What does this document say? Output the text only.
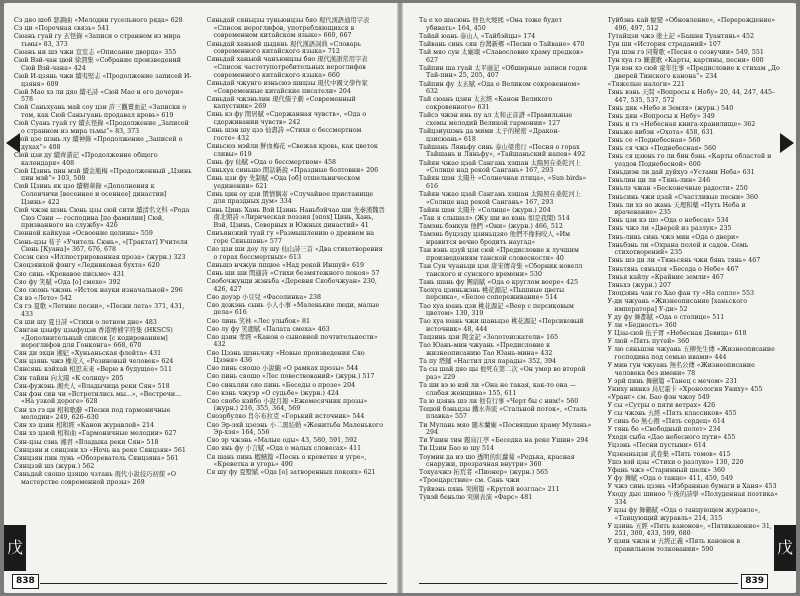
Сэ дяо шоб 瑟調曲 «Мелодии гусельного ряда» 628

Сэ ци «Порочная связь» 541

Сюань гуай гу 玄怪錄 «Записи о странном из мира тьмы» 83, 373

Сюань ни шэ чжи 宣室志 «Описание дворца» 355

Сюй Вэй-чан цюй 徐渭集 «Собрание произведений Сюй Вэй-чана» 424

Сюй И-цзянь чжи 續夷堅志 «Продолжение записей И-цзяня» 609

Сюй Мао хэ ли дяо 續毛詩 «Сюй Мао и его дочери» 578

Сюй Саньхуань май соу цзи 許三觀賣血記 «Записки о том, как Сюй Саньгуань продавал кровь» 619

Сюй Суань гуай гу 續玄怪錄 «Продолжение „Записей о странном из мира тьмы“» 83, 373

Сюй цзе шэнь лу 續神錄 «Продолжение „Записей о духах“» 408

Сюй цзи ду 續齊諧記 «Продолжение общего календаря» 408

Сюй Цзинь пин мэй 續金瓶梅 «Продолженный „Цзинь пин мэй“» 103, 508

Сюй Цзинь як цзо 續精華錄 «Дополнения к Соленчичи [весеннее и осеннее] династии] Цзинь» 422

Сюй чжэн шэнь Сюнь цзы сюй сити 續淸名文科 «Рода Сюэ Сэни — господина [по фамилии] Сюй, призванного на службу» 426

Сюнной кайкуан «Освоение целины» 559

Сюнь-цзы 荀子 «Учитель Сюнь», «[Трактат] Учителя Сюнь [Куана]» 367, 676, 678

Сосэн сюэ «Иллюстрированная проза» (журн.) 323

Сяоцзянхой фэнгу «Ледниковая бухта» 620

Сяо синь «Кровавое письмо» 431

Сяо фу 笑賦 «Ода [о] смехе» 392

Сяо сюэнь чжэнь «Исток науки изначальной» 296

Ся вэ «Лето» 542

Ся гэ 夏歌 «Летние песни», «Песни лета» 371, 431, 433

Ся ши шу 夏日詩 «Стихи о летнем дне» 483

Сянган цзыфу цзыфуцзи 香港增補字符集 (HKSCS) «Дополнительный список [с кодированием] иероглифов для Гонконга» 668, 670

Сян ди эхци 湘妃 «Хуньаньская флейта» 431

Сян цзянь чжэ 橡皮人 «Резиновый человек» 624

Сянсянь кэйхай 相思未來 «Верю в будущее» 511

Сян тайян 向太陽 «К солнцу» 205

Сян-фужэнь 湘夫人 «Владычица реки Сян» 518

Сян фэн син чи «Встретились мы...», «Вестречи... «На узкой дороге» 628

Сян хэ гэ ци 相和歌辭 «Песни под гармоничные мелодии» 249, 626–630

Сян хэ цзин 相和經 «Канон журавлей» 214

Сян хэ цзюй 相和曲 «Гармоничные мелодии» 627

Сян-цзы сэнь 湘君 «Владыка реки Сян» 518

Сянцзян и сянцзян хэ «Ночь на реке Сянцзян» 561

Сянцзян пин лунь «Обозреватель Сянцзяна» 561

Сянцзэй шэ (журн.) 562

Сяньдай сяошо цзяцю чзтань 現代小說技巧初探 «О мастерстве современной прозы» 269

Сяньдай сяньцзы туньюнцзы бяо 現代漢語通用字表 «Список иероглифов, употребляющихся в современном китайском языке» 660, 667

Сяньдай ханьюй цыдянь 現代漢語詞典 «Словарь современного китайского языка» 712

Сяньдай ханьюй чанъюнцзы бяо 現代漢語常用字表 «Список частотупотребительных иероглифов современного китайского языка» 660

Сяньдай чжунго вэньсюэ шицзы 現代中國文學作家 «Современные китайские писатели» 204

Сяньдай чжэньлин 現代儒子劇 «Современный капустник» 269

Сянь кэ фу 閑居賦 «Сдержанная чувств», «Ода о сдерживании чувств» 242

Сянь шэн шу цзэ 仙壽詩 «Стихи о бессмертном госте» 432

Сяньсюэ мэйли 鮮血梅花 «Свежая кровь, как цветок сливы» 619

Сянь фу 仙賦 «Ода о бессмертном» 458

Сяньхуа синьшо 閑話新說 «Праздные болтовни» 206

Сянь цзи фу 先制賦 «Ода [об] отшельническом уединении» 621

Сянь цин оу цзи 閑情偶寄 «Случайное пристанище для праздных дум» 334

Сянь Цинь Хань Вэй Цзинь Наньбэйчао ши 先秦漢魏晉南北朝詩 «Лирическая поэзия [эпох] Цинь, Хань, Вэй, Цзинь, Северных и Южных династий» 41

Сянъянский туай гу «Размышлению о древнем на горе Сяньшань» 577

Сяо цзи ши доу лу шу 仙山詩三首 «Два стихотворения о горах бессмертных» 613

Сяньшэ нчжун ппцюе «Над рекой Иншуй» 619

Сянь ши ши 閑適詩 «Стихи безмятежного покоя» 57

Сяобочжунди жэньба «Деревня Сяобочжуан» 230, 426, 427

Сяо доуэр 小豆兒 «Фасолинка» 238

Сяо дожэнь сынь 小人小事 «Маленькие люди, малые дела» 616

Сяо линь 笑林 «Лес улыбок» 81

Сяо лу фу 笑鹿賦 «Палата смеха» 463

Сяо цзин 孝經 «Канон о сыновней почтительности» 432

Сяо Цзэнь шэньчжу «Новые произведения Сяо Цзэня» 436

Сяо пинь сяошо 小說編 «О рамках прозы» 544

Сяо пинь сяошо «Лес повествований» (журн.) 517

Сяо синьлян сяо пинь «Беседы о прозе» 204

Сяо кэнь чжуэр «О судьбе» (журн.) 424

Сяо сяобо кэйбо 小說月報 «Ежемесячник прозы» (журн.) 216, 355, 364, 569

Сяоэрбуляо 肖尓布拉克 «Горький источник» 544

Сяо Эр-эхй цзеэнь 小二黑結婚 «Женитьба Маленького Эр-хэя» 164, 556

Сяо эр чжэнь «Малые оды» 43, 580, 591, 592

Сяо янь фу 小言賦 «Ода о малых словесах» 411

Ся шань пинь 蝦鱔篇 «Песнь о креветке и угре», «Креветка и угорь» 490

Ся шу фу 夏墅賦 «Ода [о] затворенных покоях» 621

838
戊

Та е хо шасюнь 他也火燒熊 «Она тоже будет убивать» 164, 450

Тайай юань 泰山人 «Тайбэйцы» 174

Тайвань синь сян 台灣新鄉 «Песни о Тайване» 470

Тай мяо сун 太廟頌 «Славословие храму предков» 627

Тайпин ша гуай 太平廣記 «Обширные записи годов Тай-пин» 25, 205, 407

Тайпин фу 太玄賦 «Ода о Великом сокровенном» 632

Тай сюань цзин 太玄經 «Канон Великого сокровенного» 631

Тайсэ чжэн инь пу ал 太和正音譜 «Правильные схемы мелодий Великой гармонии» 127

Тайцзиушэнь да мими 太子的秘密 «Дракон-цзисюань» 618

Тайшань Ляньфу синь 泰山梁甫行 «Песня о горах Тайшань и Ляньфу», «Тайшаньский напев» 492

Тайян чжао цзай Сангань хэшан 太陽照在桑乾河上 «Солнце над рекой Сангань» 167, 293

Тайян шэн 太陽升 «Солнечная птица», «Sun birds» 616

Тайян чжао цзай Сангань хэшан 太陽照在桑乾河上 «Солнце над рекой Сангань» 167, 293

Тайян шэн 太陽升 «Солнце» (журн.) 204

«Так я слышал» (Жу ши во вэнь 如是我聞) 514

Тамэнь бэнкун 他們 «Они» (журн.) 466, 512

Тамэнь буцзэду цзиньцзяо 他們不像狗咬人 «Им нравится вечно бродить наугад»

Тан вэнь цзуй цзи сюй «Предисловие к лучшим произведениям танской словесности» 40

Тан Сун чуаньци цзи 唐宋傳奇集 «Сборник новелл танского и сунского времени» 530

Тань шань фу 團扇賦 «Ода о круглом веере» 425

Таохуа цзиньжэнь 桃花源記 «Пышные цветы персика», «Белое сопереживание» 514

Тао хуа юань цзи 桃花源記 «Веер с персиковым цветом» 130, 319

Тао хуа юань чжи шаньцзе 桃花源記 «Персиковый источник» 48, 444

Тацзинь цзи 陶金記 «Золотоискатели» 165

Тао Юань-мин чжуань «Предисловие к жизнеописанию Тао Юань-мина» 432

Та пу 塔鋪 «Настил для парады» 352, 394

Та сы шай дяо цы 他死在第二次 «Он умер во второй раз» 229

Та ши вэ ю вэй ли «Она не такая, как-то она — слабая женщина» 155, 611

Та ю цзянь шэ ли 他有行事 «Черт бы с ним!» 560

Тецюй бэньцзы 鐵水奔流 «Стальной поток», «Сталь плавка» 557

Ти Мулань мяо 題木蘭廟 «Посвящаю храму Мулань» 294

Ти Ушин тин 題烏江亭 «Беседка на реке Ушин» 294

Ти Цзин Бао ю шу 514

Тоумин да иэ шо 透明的紅蘿蔔 «Редька, красная снаружи, прозрачная внутри» 360

Тохуачжэ 拓荒者 «Пионер» (журн.) 565

«Троецарствие» см. Сань чжи

Туйвэнь пянь 突圍篇 «Крутой возглас» 211

Тувэй беньлю 突圍表演 «Фарс» 481

Туйбэнь кай 蛻變 «Обновление», «Перерождение» 496, 497, 512

Тутайцзи чжэ 塗土記 «Башня Туантянь» 452

Тун ши «История страданий» 107

Тун шэн гэ 同聲歌 «Песня о созвучии» 549, 551

Тун хуа гэ 圖畫歌 «Карты, картины, песни» 600

Тун вэн хэ сюй 童年往事 «Предисловие к стихам „До дверей Тинского канона“» 234

«Тяжелые налоги» 221

Тянь вэнь 天問 «Вопросы к Небу» 20, 44, 247, 445–447, 535, 537, 572

Тянь дик «Небо и Земля» (журн.) 540

Тянь дян «Вопросы к Небу» 349

Тянь и гэ «Небесная книга-хранилище» 362

Тяньже вибэн «Охота» 458, 631

Тянь се «Поднебесная» 560

Тянь ся чжэ «Поднебесная» 560

Тянь ся цзюнь го ли бин бэнь «Карты областей и уездов Поднебесной» 600

Тяньдиэн ли дай дуйхуэ «Устами Неба» 631

Тяньлин ци ли «Тянь-лин» 246

Тяньлэ чжан «Бесконечные радости» 250

Тяньсинь чжи цзай «Счастливые песни» 360

Тянь ли хэ яо жань 天理和藥 «Путь Неба и врачевание» 235

Тянь цзи кэ шо «Ода о небесах» 534

Тянь чжэ ли «Дверей из разлук» 235

Тянь-линь синь чжэ мин «Ода о двери»

Тяньбэнь ли «Охрана полей и садов. Семь стихотворений» 235

Тянь шэ ди ли «Тяньсянь чжи бянь тянь» 467

Тяньтянь сяньцзя «Беседа о Небе» 467

Тянья кайлу «Крайние земли» 467

Тяньхэ (журн.) 207

Тяоцзянь чан го Хао фан ту «На сопле» 553

У-ди чжуань «Жизнеописание [ханьского императора] У-ди» 52

У ду фу 舞都賦 «Ода о столице» 511

У ли «Бедность» 360

У Цзы-сюй 伍子胥 «Небесная Девица» 618

У люй «Пять путей» 360

У лю сяньшэн чжуань 五柳先生傳 «Жизнеописание господина под семью ивами» 444

У мин гун чжуань 無名公傳 «Жизнеописание человека без имени» 78

У эрй пинь 舞劍篇 «Танец с мечом» 231

Униху нинкэ 烏尼霍卡 «Хронология Униху» 455

«Уранг» см. Бао фэн чжоу 549

У сы «Сутры о пяти ветрах» 426

У сы чжэнь 五經 «Пять классиков» 455

У синь бо 無心撥 «Пять сердец» 614

У тянь бо «Свободный полет» 234

Уходя сыба «Дао небесного пути» 455

Уцзэнь «Песни пустыни» 614

Уцзюаньцзи 武卷集 «Пять томов» 415

Ушэ вэй цзы «Стихи о разлуке» 130, 220

Уфань чжэ «Старинный шелк» 360

У фу 舞賦 «Ода о танце» 411, 459, 549

У чжэ синь цзэнь «Избранные бумаги в Ханя» 453

Уходу дыс шиноо 午後的詩學 «Полуденная поэтика» 334

У цзы фу 舞鶴賦 «Ода о танцующем журавле», «Танцующий журавль» 214, 315

У цзинь 五經 «Пять канонов», «Пятиканоние» 31, 251, 300, 433, 599, 680

У цзин чжэн и 五經正義 «Пять канонов в правильном толковании» 590

839
戊
